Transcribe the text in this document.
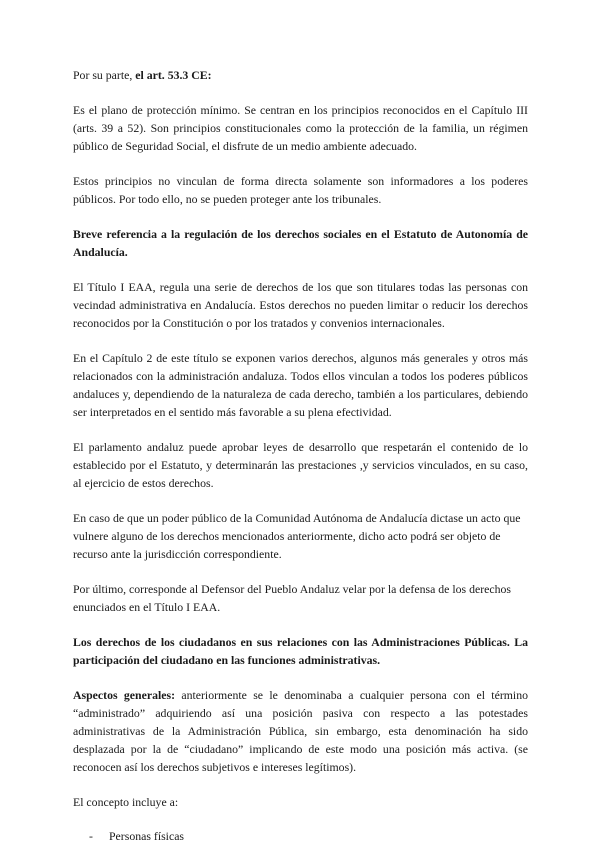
Por su parte, el art. 53.3 CE:

Es el plano de protección mínimo. Se centran en los principios reconocidos en el Capítulo III (arts. 39 a 52). Son principios constitucionales como la protección de la familia, un régimen público de Seguridad Social, el disfrute de un medio ambiente adecuado.

Estos principios no vinculan de forma directa solamente son informadores a los poderes públicos. Por todo ello, no se pueden proteger ante los tribunales.

Breve referencia a la regulación de los derechos sociales en el Estatuto de Autonomía de Andalucía.

El Título I EAA, regula una serie de derechos de los que son titulares todas las personas con vecindad administrativa en Andalucía. Estos derechos no pueden limitar o reducir los derechos reconocidos por la Constitución o por los tratados y convenios internacionales.

En el Capítulo 2 de este título se exponen varios derechos, algunos más generales y otros más relacionados con la administración andaluza. Todos ellos vinculan a todos los poderes públicos andaluces y, dependiendo de la naturaleza de cada derecho, también a los particulares, debiendo ser interpretados en el sentido más favorable a su plena efectividad.

El parlamento andaluz puede aprobar leyes de desarrollo que respetarán el contenido de lo establecido por el Estatuto, y determinarán las prestaciones ,y servicios vinculados, en su caso, al ejercicio de estos derechos.

En caso de que un poder público de la Comunidad Autónoma de Andalucía dictase un acto que vulnere alguno de los derechos mencionados anteriormente, dicho acto podrá ser objeto de recurso ante la jurisdicción correspondiente.

Por último, corresponde al Defensor del Pueblo Andaluz velar por la defensa de los derechos enunciados en el Título I EAA.

Los derechos de los ciudadanos en sus relaciones con las Administraciones Públicas. La participación del ciudadano en las funciones administrativas.

Aspectos generales: anteriormente se le denominaba a cualquier persona con el término “administrado” adquiriendo así una posición pasiva con respecto a las potestades administrativas de la Administración Pública, sin embargo, esta denominación ha sido desplazada por la de “ciudadano” implicando de este modo una posición más activa. (se reconocen así los derechos subjetivos e intereses legítimos).

El concepto incluye a:

-	Personas físicas
